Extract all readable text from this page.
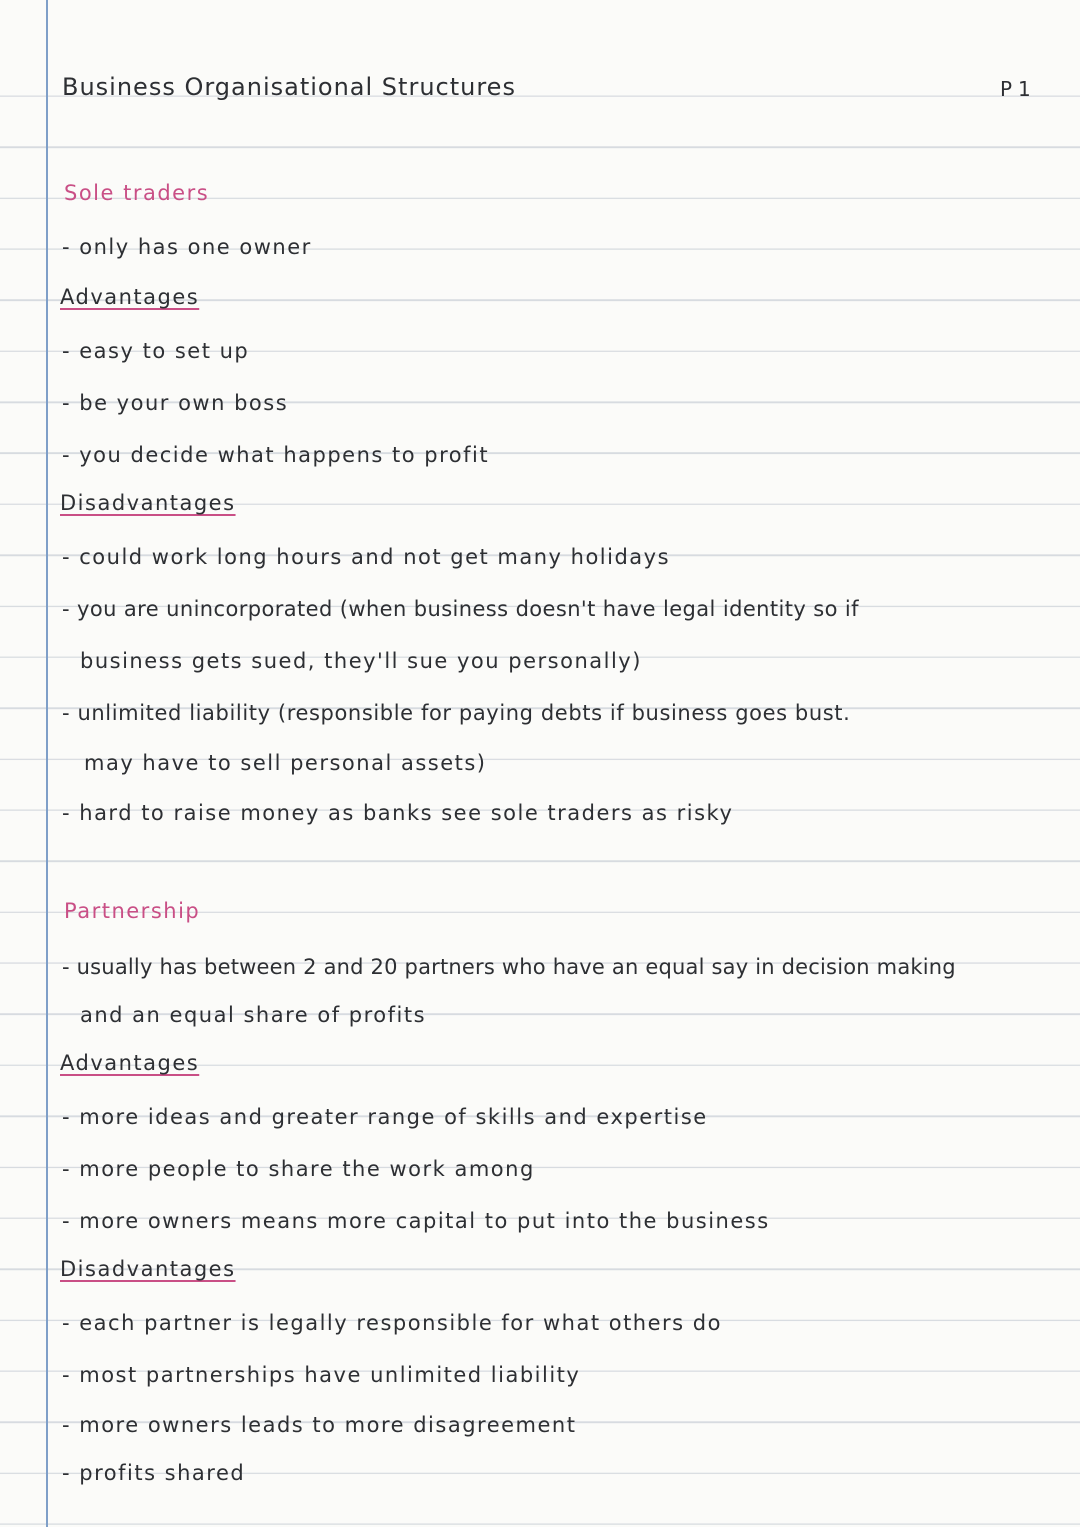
Business Organisational Structures	P1
Sole traders
- only has one owner
Advantages
- easy to set up
- be your own boss
- you decide what happens to profit
Disadvantages
- could work long hours and not get many holidays
- you are unincorporated (when business doesn't have legal identity so if
business gets sued, they'll sue you personally)
- unlimited liability (responsible for paying debts if business goes bust.
may have to sell personal assets)
- hard to raise money as banks see sole traders as risky
Partnership
- usually has between 2 and 20 partners who have an equal say in decision making
and an equal share of profits
Advantages
- more ideas and greater range of skills and expertise
- more people to share the work among
- more owners means more capital to put into the business
Disadvantages
- each partner is legally responsible for what others do
- most partnerships have unlimited liability
- more owners leads to more disagreement
- profits shared
